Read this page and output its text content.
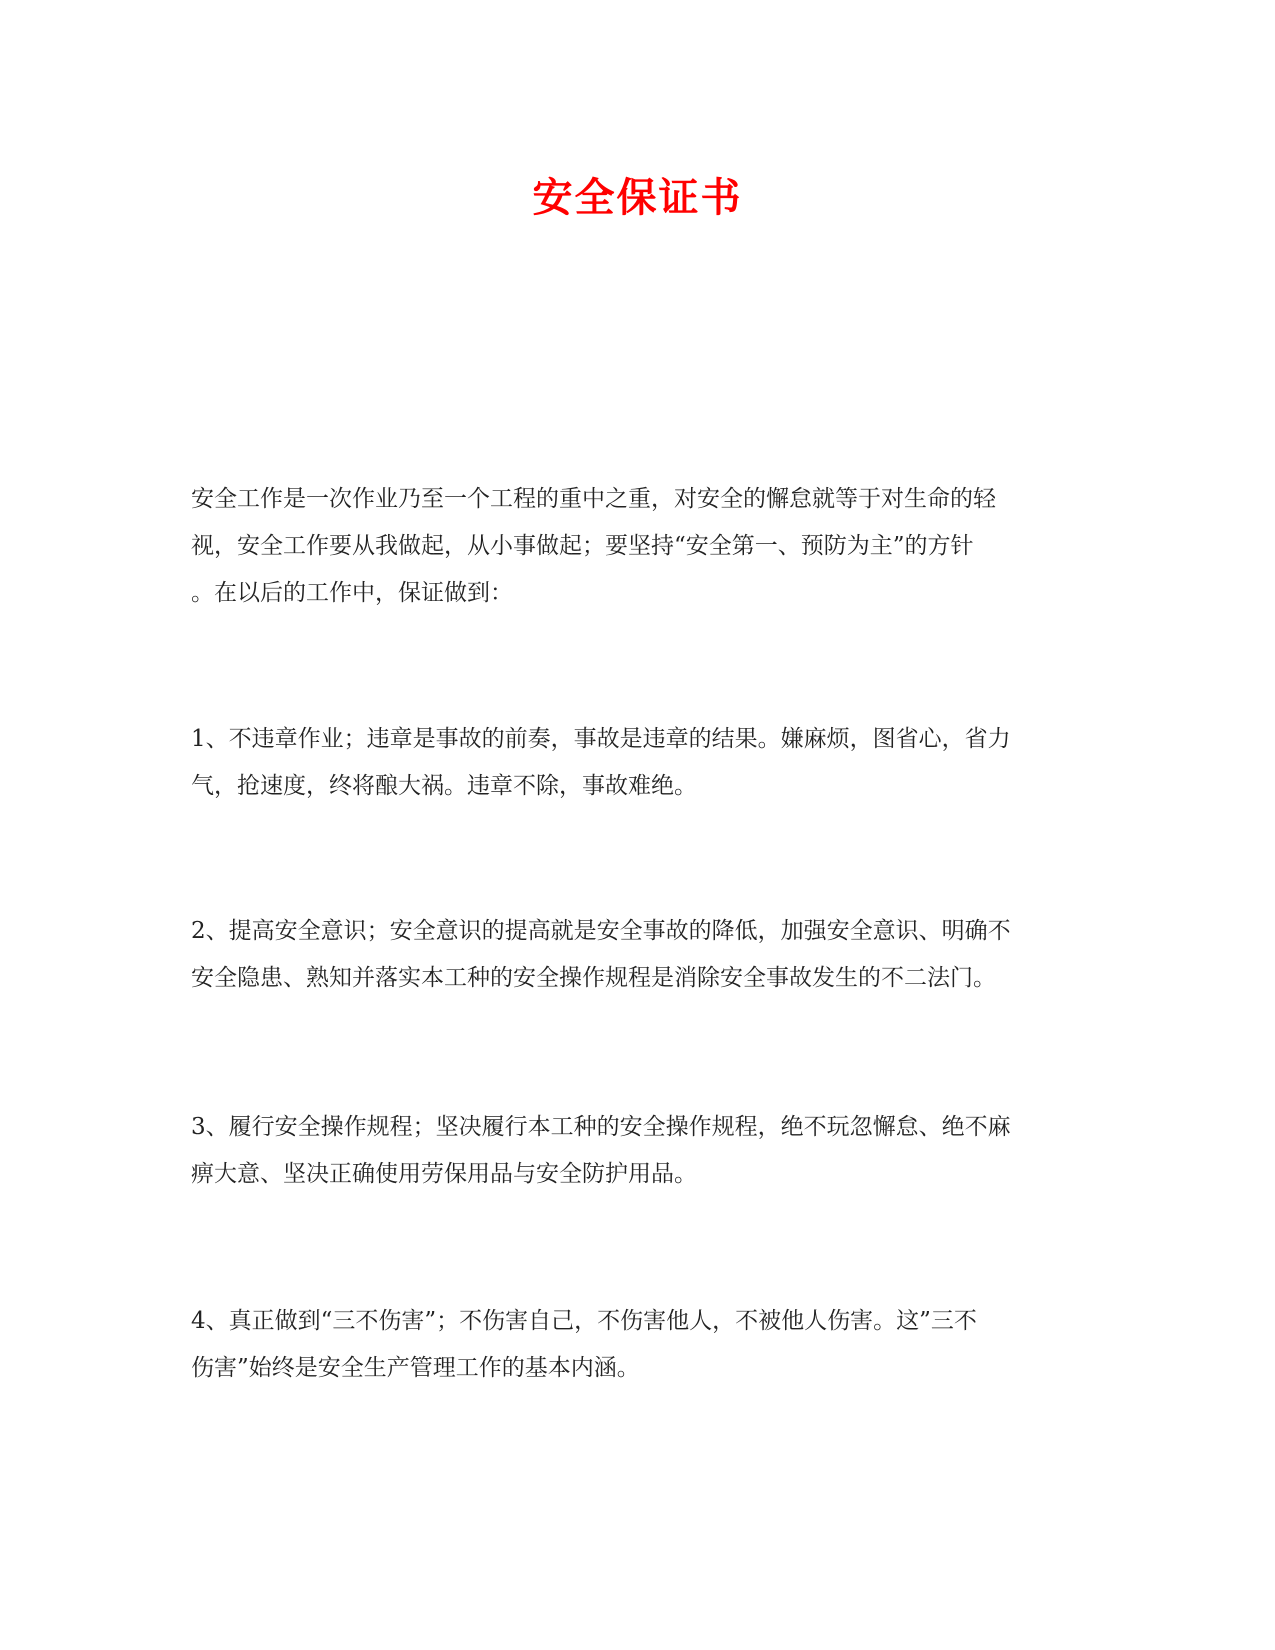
安全保证书

安全工作是一次作业乃至一个工程的重中之重，对安全的懈怠就等于对生命的轻
视，安全工作要从我做起，从小事做起；要坚持“安全第一、预防为主”的方针
。在以后的工作中，保证做到：

1、不违章作业；违章是事故的前奏，事故是违章的结果。嫌麻烦，图省心，省力
气，抢速度，终将酿大祸。违章不除，事故难绝。

2、提高安全意识；安全意识的提高就是安全事故的降低，加强安全意识、明确不
安全隐患、熟知并落实本工种的安全操作规程是消除安全事故发生的不二法门。

3、履行安全操作规程；坚决履行本工种的安全操作规程，绝不玩忽懈怠、绝不麻
痹大意、坚决正确使用劳保用品与安全防护用品。

4、真正做到“三不伤害”；不伤害自己，不伤害他人，不被他人伤害。这”三不
伤害”始终是安全生产管理工作的基本内涵。
